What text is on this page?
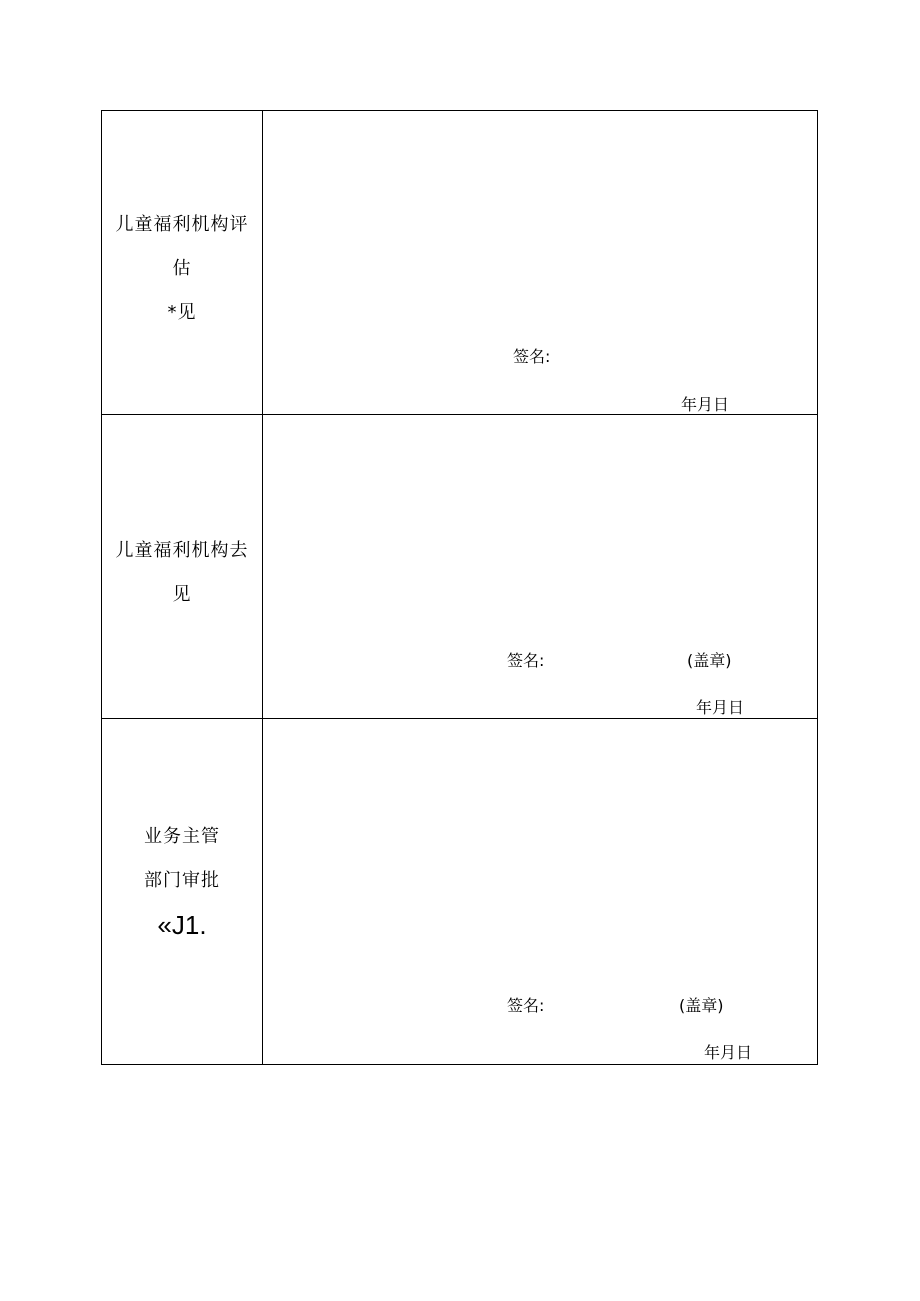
儿童福利机构评
估
*见	签名:
年月日

儿童福利机构去
见	签名: (盖章)
年月日

业务主管
部门审批
«J1.	签名: (盖章)
年月日
